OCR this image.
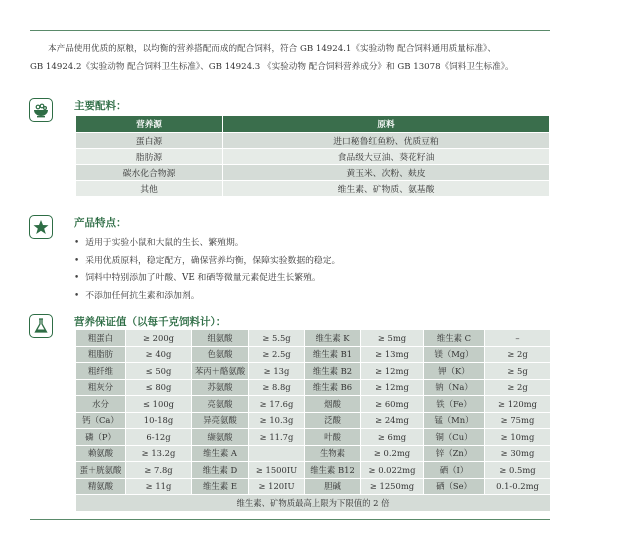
本产品使用优质的原粮，以均衡的营养搭配而成的配合饲料，符合 GB 14924.1《实验动物 配合饲料通用质量标准》、
GB 14924.2《实验动物 配合饲料卫生标准》、GB 14924.3 《实验动物 配合饲料营养成分》和 GB 13078《饲料卫生标准》。
主要配料：
营养源	原料
蛋白源	进口秘鲁红鱼粉、优质豆粕
脂肪源	食品级大豆油、葵花籽油
碳水化合物源	黄玉米、次粉、麸皮
其他	维生素、矿物质、氨基酸
产品特点：
• 适用于实验小鼠和大鼠的生长、繁殖期。
• 采用优质原料，稳定配方，确保营养均衡，保障实验数据的稳定。
• 饲料中特别添加了叶酸、VE 和硒等微量元素促进生长繁殖。
• 不添加任何抗生素和添加剂。
营养保证值（以每千克饲料计）：
粗蛋白	≥ 200g	组氨酸	≥ 5.5g	维生素 K	≥ 5mg	维生素 C	–
粗脂肪	≥ 40g	色氨酸	≥ 2.5g	维生素 B1	≥ 13mg	镁（Mg）	≥ 2g
粗纤维	≤ 50g	苯丙＋酪氨酸	≥ 13g	维生素 B2	≥ 12mg	钾（K）	≥ 5g
粗灰分	≤ 80g	苏氨酸	≥ 8.8g	维生素 B6	≥ 12mg	钠（Na）	≥ 2g
水分	≤ 100g	亮氨酸	≥ 17.6g	烟酸	≥ 60mg	铁（Fe）	≥ 120mg
钙（Ca）	10-18g	异亮氨酸	≥ 10.3g	泛酸	≥ 24mg	锰（Mn）	≥ 75mg
磷（P）	6-12g	缬氨酸	≥ 11.7g	叶酸	≥ 6mg	铜（Cu）	≥ 10mg
赖氨酸	≥ 13.2g	维生素 A		生物素	≥ 0.2mg	锌（Zn）	≥ 30mg
蛋＋胱氨酸	≥ 7.8g	维生素 D	≥ 1500IU	维生素 B12	≥ 0.022mg	硒（I）	≥ 0.5mg
精氨酸	≥ 11g	维生素 E	≥ 120IU	胆碱	≥ 1250mg	硒（Se）	0.1-0.2mg
维生素、矿物质最高上限为下限值的 2 倍							
